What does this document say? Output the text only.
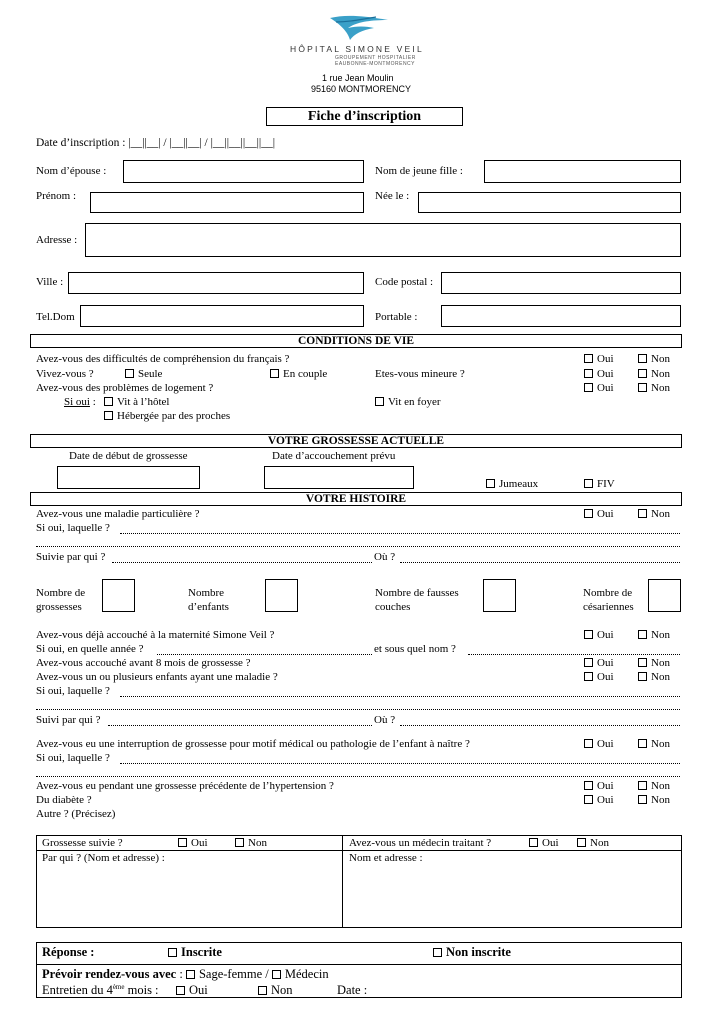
HÔPITAL SIMONE VEIL
GROUPEMENT HOSPITALIER
EAUBONNE-MONTMORENCY
1 rue Jean Moulin
95160 MONTMORENCY
Fiche d’inscription
Date d’inscription : |__||__| / |__||__| / |__||__||__||__|
Nom d’épouse :	Nom de jeune fille :
Prénom :	Née le :
Adresse :
Ville :	Code postal :
Tel.Dom	Portable :
CONDITIONS DE VIE
Avez-vous des difficultés de compréhension du français ?	Oui	Non
Vivez-vous ?	Seule	En couple	Etes-vous mineure ?	Oui	Non
Avez-vous des problèmes de logement ?	Oui	Non
Si oui :	Vit à l’hôtel	Vit en foyer
Hébergée par des proches
VOTRE GROSSESSE ACTUELLE
Date de début de grossesse	Date d’accouchement prévu
Jumeaux	FIV
VOTRE HISTOIRE
Avez-vous une maladie particulière ?	Oui	Non
Si oui, laquelle ?
Suivie par qui ?	Où ?
Nombre de
grossesses
Nombre
d’enfants
Nombre de fausses
couches
Nombre de
césariennes
Avez-vous déjà accouché à la maternité Simone Veil ?	Oui	Non
Si oui, en quelle année ?	et sous quel nom ?
Avez-vous accouché avant 8 mois de grossesse ?	Oui	Non
Avez-vous un ou plusieurs enfants ayant une maladie ?	Oui	Non
Si oui, laquelle ?
Suivi par qui ?	Où ?
Avez-vous eu une interruption de grossesse pour motif médical ou pathologie de l’enfant à naître ?	Oui	Non
Si oui, laquelle ?
Avez-vous eu pendant une grossesse précédente de l’hypertension ?	Oui	Non
Du diabète ?	Oui	Non
Autre ? (Précisez)
Grossesse suivie ?	Oui	Non
Par qui ? (Nom et adresse) :
Avez-vous un médecin traitant ?	Oui	Non
Nom et adresse :
Réponse :	Inscrite	Non inscrite
Prévoir rendez-vous avec : Sage-femme / Médecin
Entretien du 4ème mois :	Oui	Non	Date :
